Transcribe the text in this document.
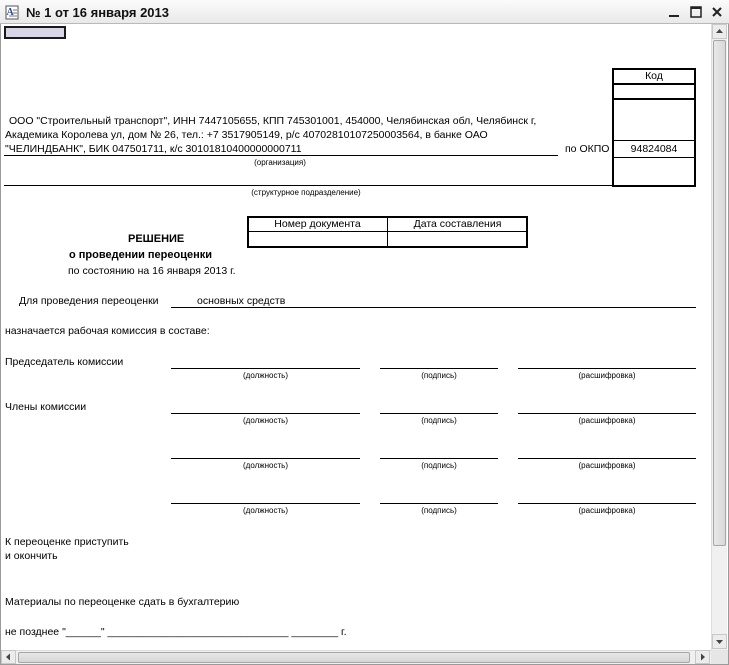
A № 1 от 16 января 2013
Код
94824084
по ОКПО
ООО "Строительный транспорт", ИНН 7447105655, КПП 745301001, 454000, Челябинская обл, Челябинск г,
Академика Королева ул, дом № 26, тел.: +7 3517905149, р/с 40702810107250003564, в банке ОАО
"ЧЕЛИНДБАНК", БИК 047501711, к/с 30101810400000000711
(организация)
(структурное подразделение)
Номер документа	Дата составления
РЕШЕНИЕ
о проведении переоценки
по состоянию на 16 января 2013 г.
Для проведения переоценки	основных средств
назначается рабочая комиссия в составе:
Председатель комиссии
(должность)	(подпись)	(расшифровка)
Члены комиссии
(должность)	(подпись)	(расшифровка)
(должность)	(подпись)	(расшифровка)
(должность)	(подпись)	(расшифровка)
К переоценке приступить
и окончить
Материалы по переоценке сдать в бухгалтерию
не позднее "______" _______________________________ ________ г.
